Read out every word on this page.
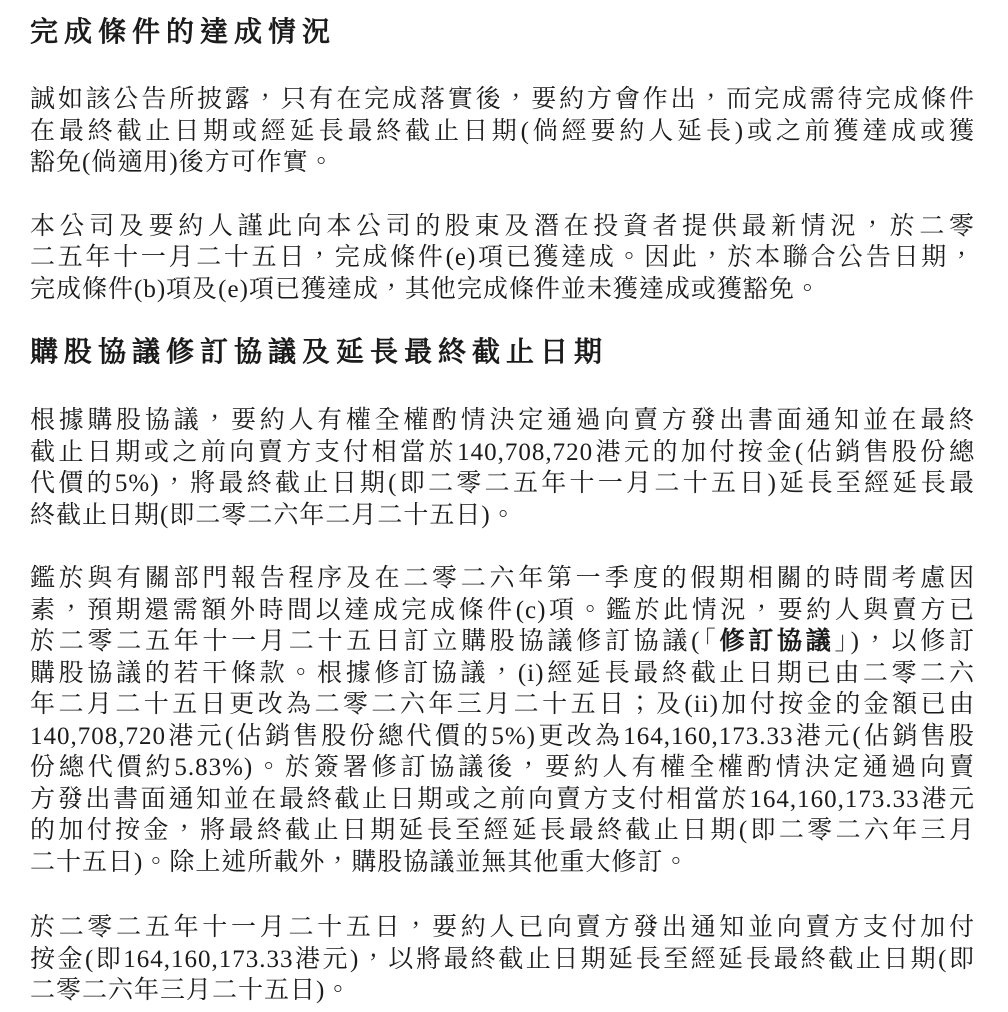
完成條件的達成情況
誠如該公告所披露，只有在完成落實後，要約方會作出，而完成需待完成條件
在最終截止日期或經延長最終截止日期(倘經要約人延長)或之前獲達成或獲
豁免(倘適用)後方可作實。
本公司及要約人謹此向本公司的股東及潛在投資者提供最新情況，於二零
二五年十一月二十五日，完成條件(e)項已獲達成。因此，於本聯合公告日期，
完成條件(b)項及(e)項已獲達成，其他完成條件並未獲達成或獲豁免。
購股協議修訂協議及延長最終截止日期
根據購股協議，要約人有權全權酌情決定通過向賣方發出書面通知並在最終
截止日期或之前向賣方支付相當於140,708,720港元的加付按金(佔銷售股份總
代價的5%)，將最終截止日期(即二零二五年十一月二十五日)延長至經延長最
終截止日期(即二零二六年二月二十五日)。
鑑於與有關部門報告程序及在二零二六年第一季度的假期相關的時間考慮因
素，預期還需額外時間以達成完成條件(c)項。鑑於此情況，要約人與賣方已
於二零二五年十一月二十五日訂立購股協議修訂協議(「修訂協議」)，以修訂
購股協議的若干條款。根據修訂協議，(i)經延長最終截止日期已由二零二六
年二月二十五日更改為二零二六年三月二十五日；及(ii)加付按金的金額已由
140,708,720港元(佔銷售股份總代價的5%)更改為164,160,173.33港元(佔銷售股
份總代價約5.83%)。於簽署修訂協議後，要約人有權全權酌情決定通過向賣
方發出書面通知並在最終截止日期或之前向賣方支付相當於164,160,173.33港元
的加付按金，將最終截止日期延長至經延長最終截止日期(即二零二六年三月
二十五日)。除上述所載外，購股協議並無其他重大修訂。
於二零二五年十一月二十五日，要約人已向賣方發出通知並向賣方支付加付
按金(即164,160,173.33港元)，以將最終截止日期延長至經延長最終截止日期(即
二零二六年三月二十五日)。
